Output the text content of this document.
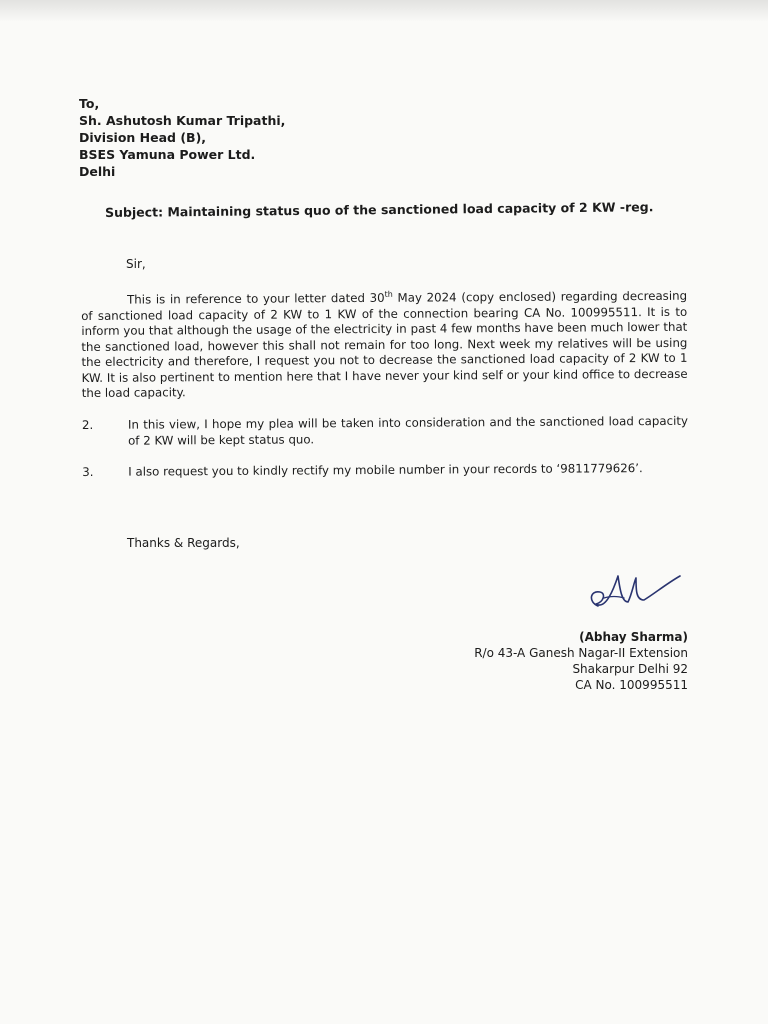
To,
Sh. Ashutosh Kumar Tripathi,
Division Head (B),
BSES Yamuna Power Ltd.
Delhi
Subject: Maintaining status quo of the sanctioned load capacity of 2 KW -reg.
Sir,

This is in reference to your letter dated 30th May 2024 (copy enclosed) regarding decreasing of sanctioned load capacity of 2 KW to 1 KW of the connection bearing CA No. 100995511. It is to inform you that although the usage of the electricity in past 4 few months have been much lower that the sanctioned load, however this shall not remain for too long. Next week my relatives will be using the electricity and therefore, I request you not to decrease the sanctioned load capacity of 2 KW to 1 KW. It is also pertinent to mention here that I have never your kind self or your kind office to decrease the load capacity.

2.	In this view, I hope my plea will be taken into consideration and the sanctioned load capacity of 2 KW will be kept status quo.

3.	I also request you to kindly rectify my mobile number in your records to ‘9811779626’.

Thanks & Regards,
(Abhay Sharma)
R/o 43-A Ganesh Nagar-II Extension
Shakarpur Delhi 92
CA No. 100995511
